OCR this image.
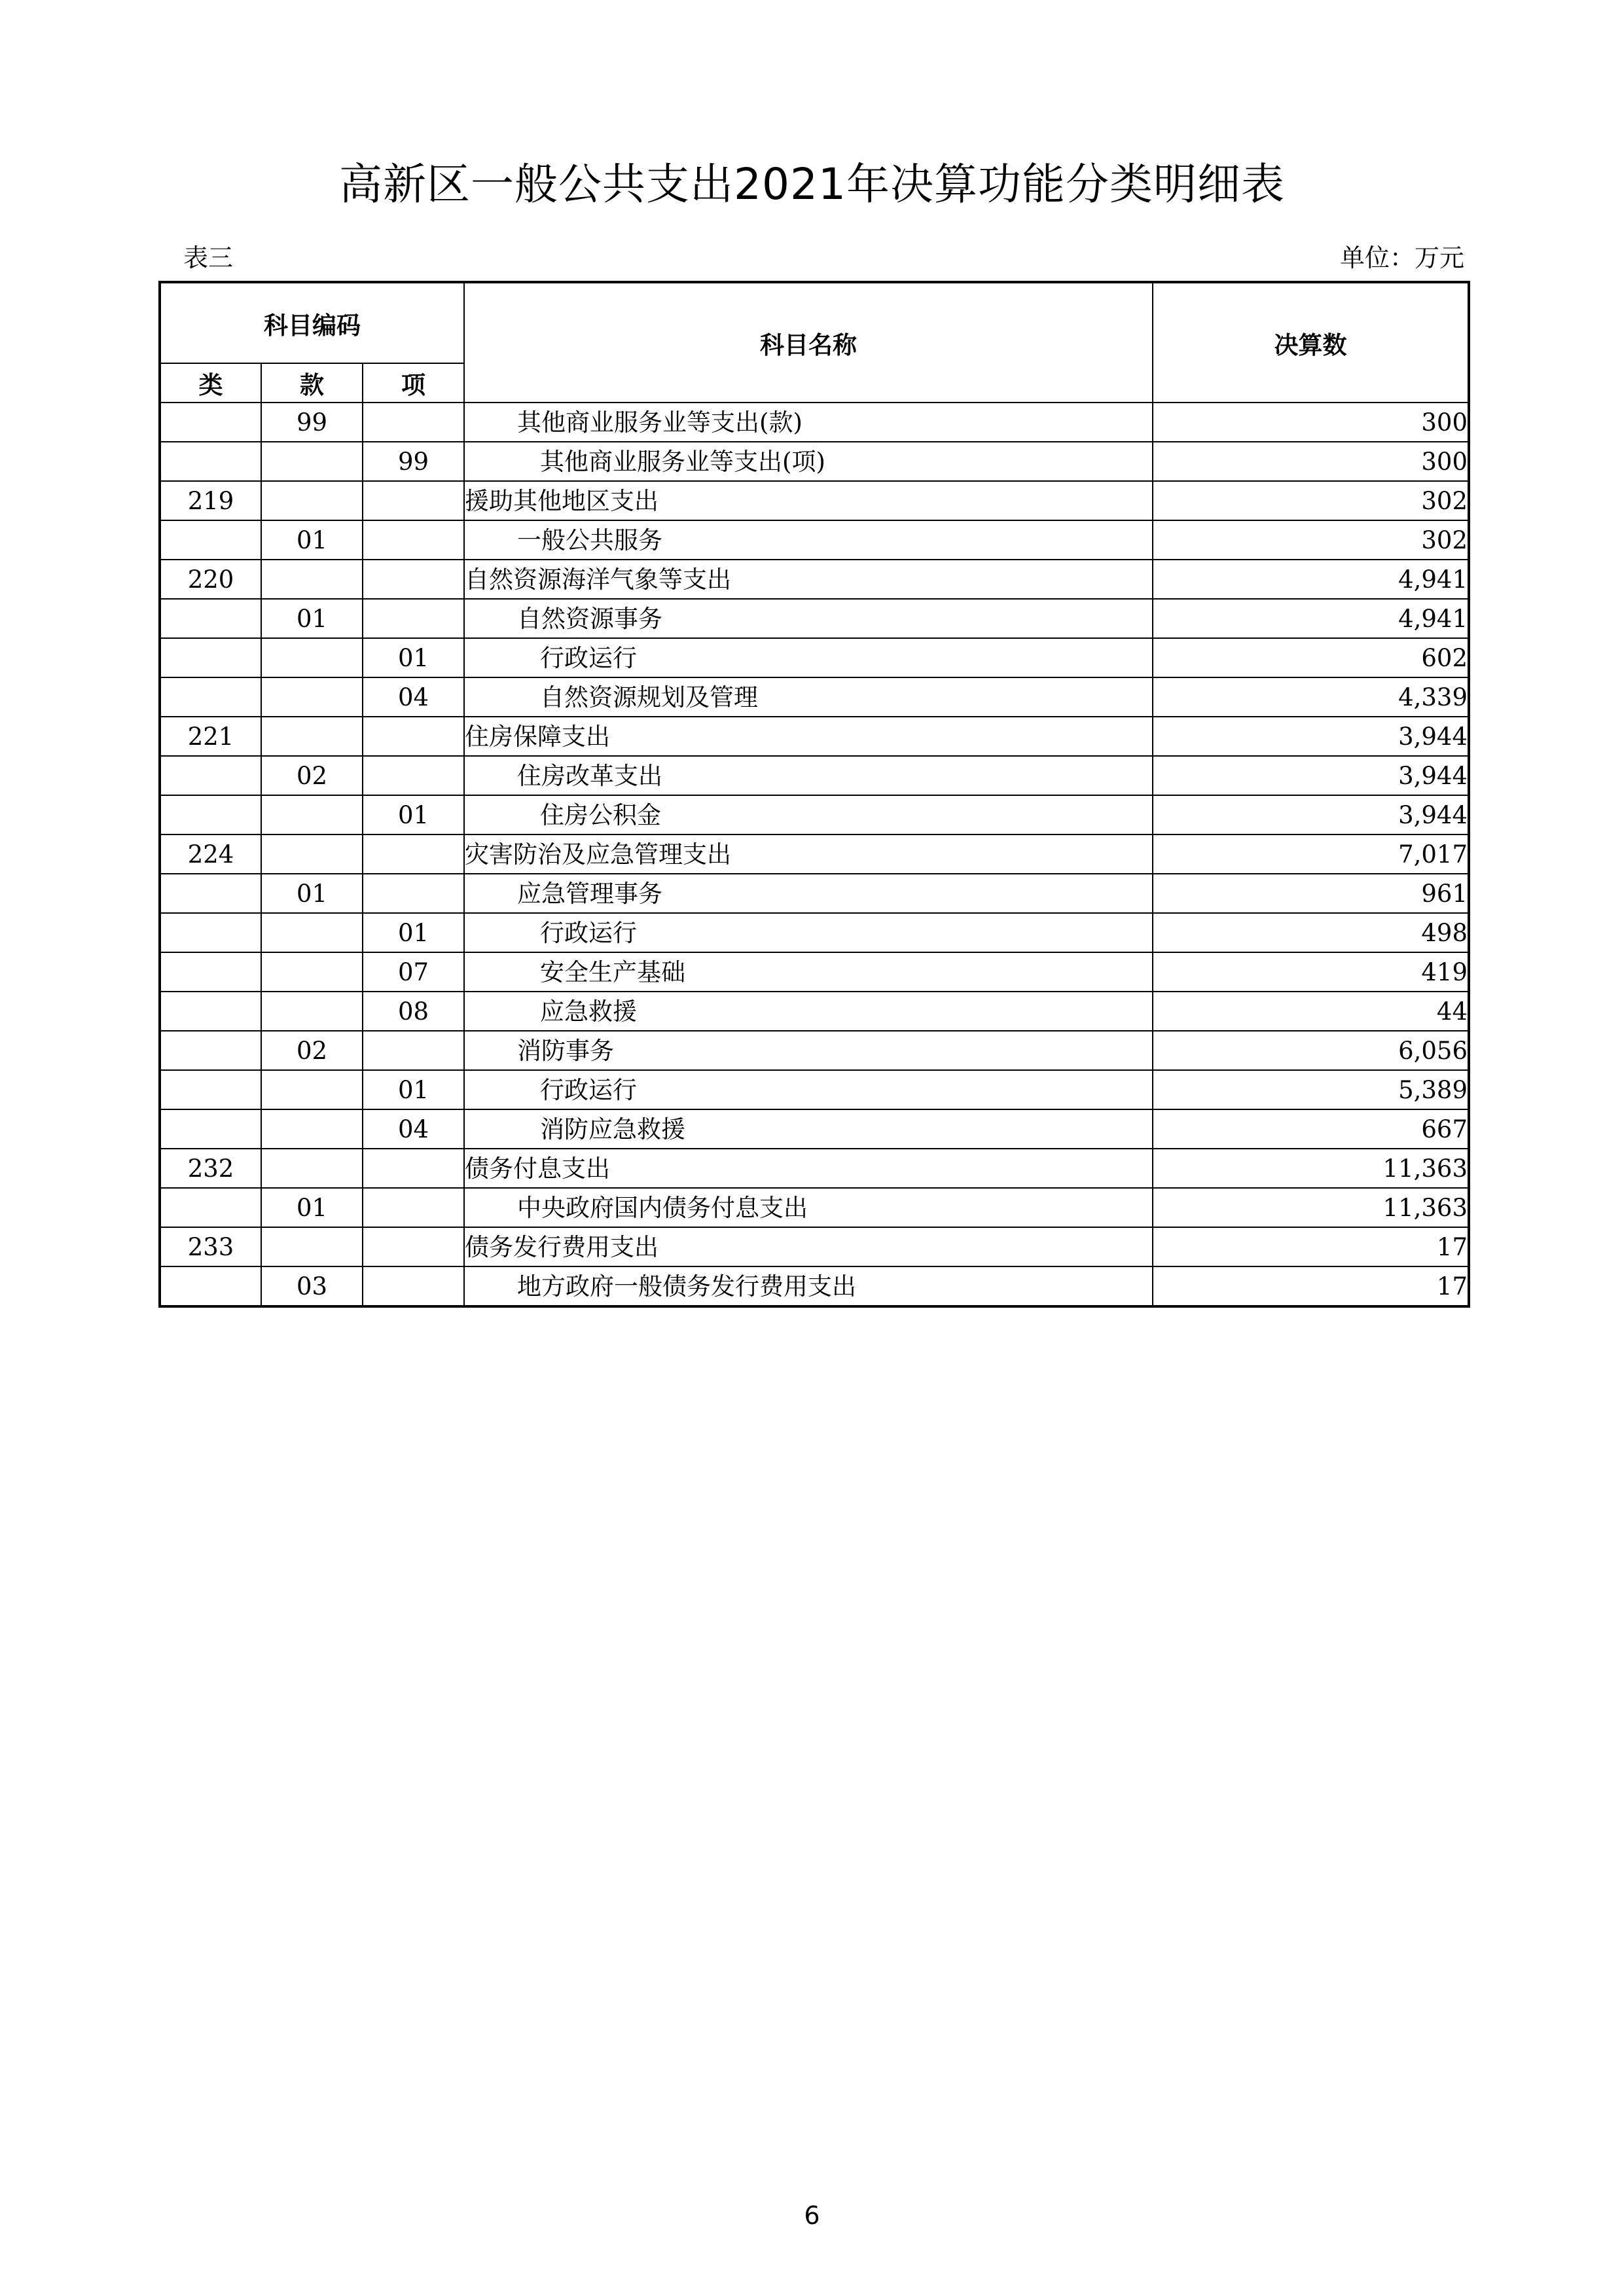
高新区一般公共支出2021年决算功能分类明细表
表三	单位：万元
科目编码			科目名称	决算数
类	款	项		
	99		其他商业服务业等支出(款)	300
		99	其他商业服务业等支出(项)	300
219			援助其他地区支出	302
	01		一般公共服务	302
220			自然资源海洋气象等支出	4,941
	01		自然资源事务	4,941
		01	行政运行	602
		04	自然资源规划及管理	4,339
221			住房保障支出	3,944
	02		住房改革支出	3,944
		01	住房公积金	3,944
224			灾害防治及应急管理支出	7,017
	01		应急管理事务	961
		01	行政运行	498
		07	安全生产基础	419
		08	应急救援	44
	02		消防事务	6,056
		01	行政运行	5,389
		04	消防应急救援	667
232			债务付息支出	11,363
	01		中央政府国内债务付息支出	11,363
233			债务发行费用支出	17
	03		地方政府一般债务发行费用支出	17
6
